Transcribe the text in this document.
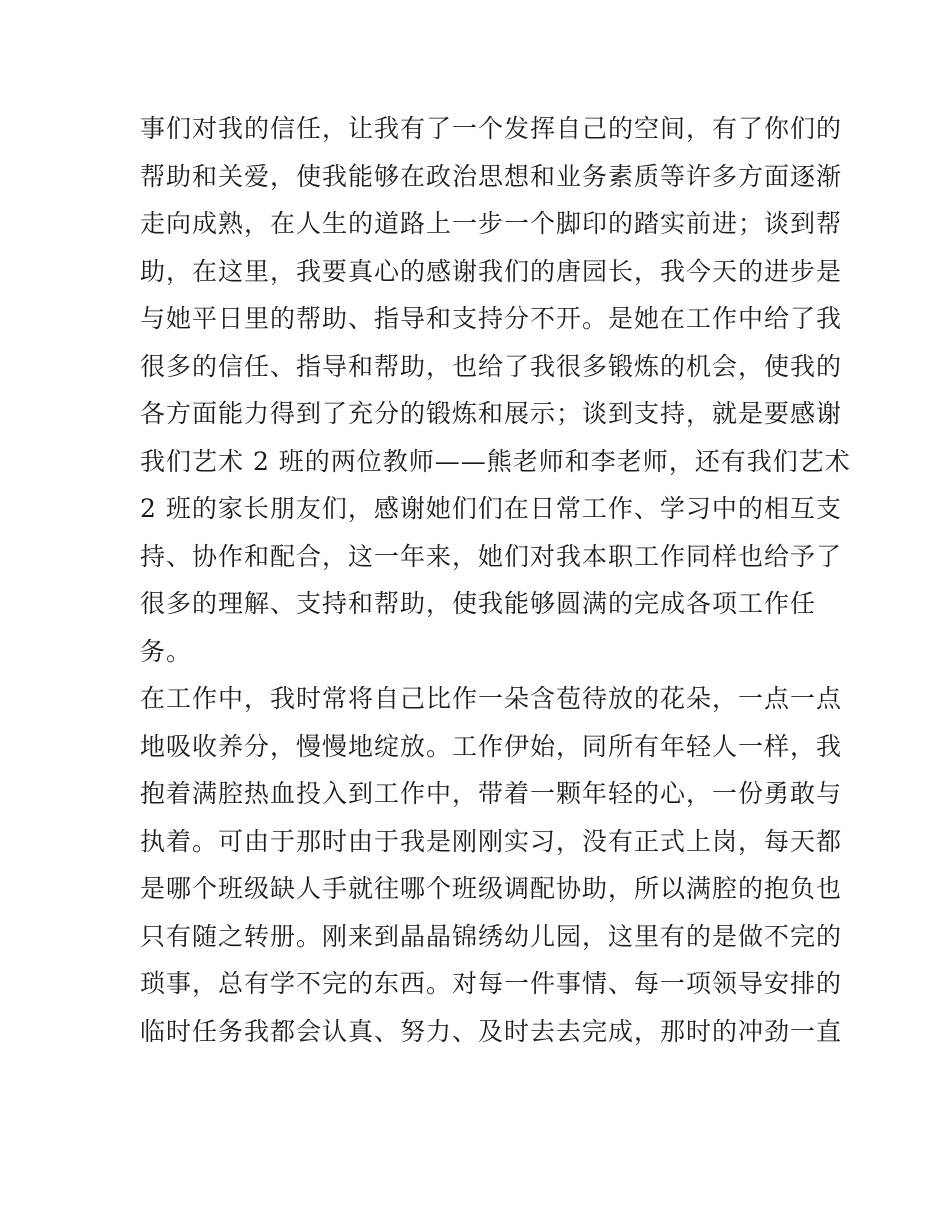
事们对我的信任，让我有了一个发挥自己的空间，有了你们的
帮助和关爱，使我能够在政治思想和业务素质等许多方面逐渐
走向成熟，在人生的道路上一步一个脚印的踏实前进；谈到帮
助，在这里，我要真心的感谢我们的唐园长，我今天的进步是
与她平日里的帮助、指导和支持分不开。是她在工作中给了我
很多的信任、指导和帮助，也给了我很多锻炼的机会，使我的
各方面能力得到了充分的锻炼和展示；谈到支持，就是要感谢
我们艺术 2 班的两位教师——熊老师和李老师，还有我们艺术
2 班的家长朋友们，感谢她们们在日常工作、学习中的相互支
持、协作和配合，这一年来，她们对我本职工作同样也给予了
很多的理解、支持和帮助，使我能够圆满的完成各项工作任
务。
在工作中，我时常将自己比作一朵含苞待放的花朵，一点一点
地吸收养分，慢慢地绽放。工作伊始，同所有年轻人一样，我
抱着满腔热血投入到工作中，带着一颗年轻的心，一份勇敢与
执着。可由于那时由于我是刚刚实习，没有正式上岗，每天都
是哪个班级缺人手就往哪个班级调配协助，所以满腔的抱负也
只有随之转册。刚来到晶晶锦绣幼儿园，这里有的是做不完的
琐事，总有学不完的东西。对每一件事情、每一项领导安排的
临时任务我都会认真、努力、及时去去完成，那时的冲劲一直
